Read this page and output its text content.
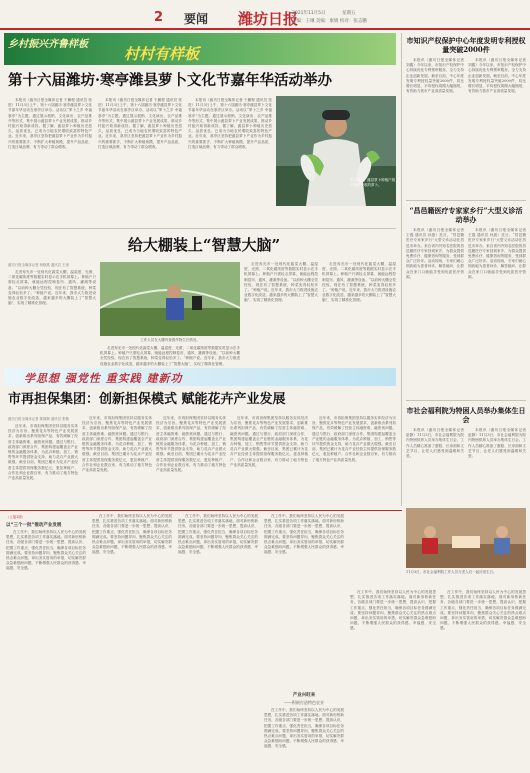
2 要闻 潍坊日报
2021年11月5日	星期五
责编：王琳 美编：康婧 校对：张志鹏
乡村振兴齐鲁样板
村村有样板
第十六届潍坊·寒亭潍县萝卜文化节嘉年华活动举办

本报讯（潍坊日报全媒体记者 于鹏程 通讯员 张进）11月3日上午，第十六届潍坊·寒亭潍县萝卜文化节嘉年华活动在寒亭区举办。活动以“萝卜之乡 幸福寒亭”为主题，通过展示展销、文化演出、农产品推介等形式，集中展示潍县萝卜产业发展成果，推动乡村振兴取得新成效。据了解，潍县萝卜种植历史悠久，品质优良，已成为当地农民增收致富的特色产业。近年来，寒亭区坚持把潍县萝卜产业作为乡村振兴的重要抓手，不断扩大种植规模，提升产品品质，打造区域品牌，有力带动了群众增收。

本报讯（潍坊日报全媒体记者 于鹏程 通讯员 张进）11月3日上午，第十六届潍坊·寒亭潍县萝卜文化节嘉年华活动在寒亭区举办。活动以“萝卜之乡 幸福寒亭”为主题，通过展示展销、文化演出、农产品推介等形式，集中展示潍县萝卜产业发展成果，推动乡村振兴取得新成效。据了解，潍县萝卜种植历史悠久，品质优良，已成为当地农民增收致富的特色产业。近年来，寒亭区坚持把潍县萝卜产业作为乡村振兴的重要抓手，不断扩大种植规模，提升产品品质，打造区域品牌，有力带动了群众增收。

本报讯（潍坊日报全媒体记者 于鹏程 通讯员 张进）11月3日上午，第十六届潍坊·寒亭潍县萝卜文化节嘉年华活动在寒亭区举办。活动以“萝卜之乡 幸福寒亭”为主题，通过展示展销、文化演出、农产品推介等形式，集中展示潍县萝卜产业发展成果，推动乡村振兴取得新成效。据了解，潍县萝卜种植历史悠久，品质优良，已成为当地农民增收致富的特色产业。近年来，寒亭区坚持把潍县萝卜产业作为乡村振兴的重要抓手，不断扩大种植规模，提升产品品质，打造区域品牌，有力带动了群众增收。

11月3日，潍县萝卜种植户展示新鲜采收的萝卜。
给大棚装上“智慧大脑”
潍坊日报全媒体记者 杨晓燕 通讯员 王涛

走进寿光市一处现代化蔬菜大棚，温湿度、光照、二氧化碳浓度等数据实时显示在手机屏幕上。种植户只需轻点屏幕，就能远程控制卷帘、通风、灌溉等设备。“以前种大棚全凭经验，现在有了智慧系统，种菜变得轻松多了。”种植户说。近年来，我市大力推进设施农业数字化改造，越来越多的大棚装上了“智慧大脑”，实现了精准化管理。

工作人员在大棚内查看作物生长情况。

走进寿光市一处现代化蔬菜大棚，温湿度、光照、二氧化碳浓度等数据实时显示在手机屏幕上。种植户只需轻点屏幕，就能远程控制卷帘、通风、灌溉等设备。“以前种大棚全凭经验，现在有了智慧系统，种菜变得轻松多了。”种植户说。近年来，我市大力推进设施农业数字化改造，越来越多的大棚装上了“智慧大脑”，实现了精准化管理。

走进寿光市一处现代化蔬菜大棚，温湿度、光照、二氧化碳浓度等数据实时显示在手机屏幕上。种植户只需轻点屏幕，就能远程控制卷帘、通风、灌溉等设备。“以前种大棚全凭经验，现在有了智慧系统，种菜变得轻松多了。”种植户说。近年来，我市大力推进设施农业数字化改造，越来越多的大棚装上了“智慧大脑”，实现了精准化管理。

走进寿光市一处现代化蔬菜大棚，温湿度、光照、二氧化碳浓度等数据实时显示在手机屏幕上。种植户只需轻点屏幕，就能远程控制卷帘、通风、灌溉等设备。“以前种大棚全凭经验，现在有了智慧系统，种菜变得轻松多了。”种植户说。近年来，我市大力推进设施农业数字化改造，越来越多的大棚装上了“智慧大脑”，实现了精准化管理。

市知识产权保护中心年度发明专利授权量突破2000件

本报讯（潍坊日报全媒体记者 刘鑫）今年以来，市知识产权保护中心持续优化专利预审服务，全力支持企业创新发展。截至目前，中心年度发明专利授权量突破2000件，同比增长明显，平均授权周期大幅缩短，有效助力我市产业高质量发展。

本报讯（潍坊日报全媒体记者 刘鑫）今年以来，市知识产权保护中心持续优化专利预审服务，全力支持企业创新发展。截至目前，中心年度发明专利授权量突破2000件，同比增长明显，平均授权周期大幅缩短，有效助力我市产业高质量发展。

“昌邑籍医疗专家家乡行”大型义诊活动举办

本报讯（潍坊日报全媒体记者 王磊 通讯员 孙振）近日，“昌邑籍医疗专家家乡行”大型义诊活动在昌邑市举办。来自省内外知名医院的昌邑籍医疗专家回到家乡，为群众提供免费诊疗、健康咨询等服务，受到群众广泛好评。活动现场，专家们耐心细致地为患者问诊，解答疑问，让群众在家门口就能享受到优质医疗资源。

本报讯（潍坊日报全媒体记者 王磊 通讯员 孙振）近日，“昌邑籍医疗专家家乡行”大型义诊活动在昌邑市举办。来自省内外知名医院的昌邑籍医疗专家回到家乡，为群众提供免费诊疗、健康咨询等服务，受到群众广泛好评。活动现场，专家们耐心细致地为患者问诊，解答疑问，让群众在家门口就能享受到优质医疗资源。

市社会福利院为特困人员举办集体生日会

本报讯（潍坊日报全媒体记者 赵静）11月3日，市社会福利院为院内特困供养人员举办集体生日会。工作人员精心准备了蛋糕、长寿面和文艺节目，让老人们感受到温暖和关爱。

本报讯（潍坊日报全媒体记者 赵静）11月3日，市社会福利院为院内特困供养人员举办集体生日会。工作人员精心准备了蛋糕、长寿面和文艺节目，让老人们感受到温暖和关爱。

学思想 强党性 重实践 建新功
市再担保集团：创新担保模式 赋能花卉产业发展
潍坊日报全媒体记者 陈静静 通讯员 张敬

近年来，市再担保集团坚持以服务实体经济为宗旨，聚焦花卉等特色产业发展需求，创新推出系列担保产品，有效缓解了经营主体融资难、融资贵问题。通过与银行、政府部门深度合作，集团构建起覆盖全产业链的金融服务体系，为花卉种植、加工、销售等环节提供资金支持，助力花卉产业做大做强。截至目前，集团已累计为花卉产业经营主体提供担保服务数亿元，惠及种植户、合作社和企业数百家，有力推动了地方特色产业高质量发展。

近年来，市再担保集团坚持以服务实体经济为宗旨，聚焦花卉等特色产业发展需求，创新推出系列担保产品，有效缓解了经营主体融资难、融资贵问题。通过与银行、政府部门深度合作，集团构建起覆盖全产业链的金融服务体系，为花卉种植、加工、销售等环节提供资金支持，助力花卉产业做大做强。截至目前，集团已累计为花卉产业经营主体提供担保服务数亿元，惠及种植户、合作社和企业数百家，有力推动了地方特色产业高质量发展。

近年来，市再担保集团坚持以服务实体经济为宗旨，聚焦花卉等特色产业发展需求，创新推出系列担保产品，有效缓解了经营主体融资难、融资贵问题。通过与银行、政府部门深度合作，集团构建起覆盖全产业链的金融服务体系，为花卉种植、加工、销售等环节提供资金支持，助力花卉产业做大做强。截至目前，集团已累计为花卉产业经营主体提供担保服务数亿元，惠及种植户、合作社和企业数百家，有力推动了地方特色产业高质量发展。

近年来，市再担保集团坚持以服务实体经济为宗旨，聚焦花卉等特色产业发展需求，创新推出系列担保产品，有效缓解了经营主体融资难、融资贵问题。通过与银行、政府部门深度合作，集团构建起覆盖全产业链的金融服务体系，为花卉种植、加工、销售等环节提供资金支持，助力花卉产业做大做强。截至目前，集团已累计为花卉产业经营主体提供担保服务数亿元，惠及种植户、合作社和企业数百家，有力推动了地方特色产业高质量发展。

近年来，市再担保集团坚持以服务实体经济为宗旨，聚焦花卉等特色产业发展需求，创新推出系列担保产品，有效缓解了经营主体融资难、融资贵问题。通过与银行、政府部门深度合作，集团构建起覆盖全产业链的金融服务体系，为花卉种植、加工、销售等环节提供资金支持，助力花卉产业做大做强。截至目前，集团已累计为花卉产业经营主体提供担保服务数亿元，惠及种植户、合作社和企业数百家，有力推动了地方特色产业高质量发展。

11月3日，市社会福利院工作人员与老人们一起庆祝生日。
（上接1版）
以“三个一批”推动产业发展

在工作中，我们始终坚持以人民为中心的发展思想，扎实推进各项工作落实落地。面对新形势新任务，各级各部门要进一步统一思想、提高认识，把握工作重点，强化责任担当，确保各项目标任务圆满完成。要坚持问题导向，聚焦群众关心关注的热点难点问题，拿出务实管用的举措，切实解决群众急难愁盼问题，不断增强人民群众的获得感、幸福感、安全感。

在工作中，我们始终坚持以人民为中心的发展思想，扎实推进各项工作落实落地。面对新形势新任务，各级各部门要进一步统一思想、提高认识，把握工作重点，强化责任担当，确保各项目标任务圆满完成。要坚持问题导向，聚焦群众关心关注的热点难点问题，拿出务实管用的举措，切实解决群众急难愁盼问题，不断增强人民群众的获得感、幸福感、安全感。

在工作中，我们始终坚持以人民为中心的发展思想，扎实推进各项工作落实落地。面对新形势新任务，各级各部门要进一步统一思想、提高认识，把握工作重点，强化责任担当，确保各项目标任务圆满完成。要坚持问题导向，聚焦群众关心关注的热点难点问题，拿出务实管用的举措，切实解决群众急难愁盼问题，不断增强人民群众的获得感、幸福感、安全感。

在工作中，我们始终坚持以人民为中心的发展思想，扎实推进各项工作落实落地。面对新形势新任务，各级各部门要进一步统一思想、提高认识，把握工作重点，强化责任担当，确保各项目标任务圆满完成。要坚持问题导向，聚焦群众关心关注的热点难点问题，拿出务实管用的举措，切实解决群众急难愁盼问题，不断增强人民群众的获得感、幸福感、安全感。

产业兴旺来
——积极打造特色农业

在工作中，我们始终坚持以人民为中心的发展思想，扎实推进各项工作落实落地。面对新形势新任务，各级各部门要进一步统一思想、提高认识，把握工作重点，强化责任担当，确保各项目标任务圆满完成。要坚持问题导向，聚焦群众关心关注的热点难点问题，拿出务实管用的举措，切实解决群众急难愁盼问题，不断增强人民群众的获得感、幸福感、安全感。

在工作中，我们始终坚持以人民为中心的发展思想，扎实推进各项工作落实落地。面对新形势新任务，各级各部门要进一步统一思想、提高认识，把握工作重点，强化责任担当，确保各项目标任务圆满完成。要坚持问题导向，聚焦群众关心关注的热点难点问题，拿出务实管用的举措，切实解决群众急难愁盼问题，不断增强人民群众的获得感、幸福感、安全感。

在工作中，我们始终坚持以人民为中心的发展思想，扎实推进各项工作落实落地。面对新形势新任务，各级各部门要进一步统一思想、提高认识，把握工作重点，强化责任担当，确保各项目标任务圆满完成。要坚持问题导向，聚焦群众关心关注的热点难点问题，拿出务实管用的举措，切实解决群众急难愁盼问题，不断增强人民群众的获得感、幸福感、安全感。
